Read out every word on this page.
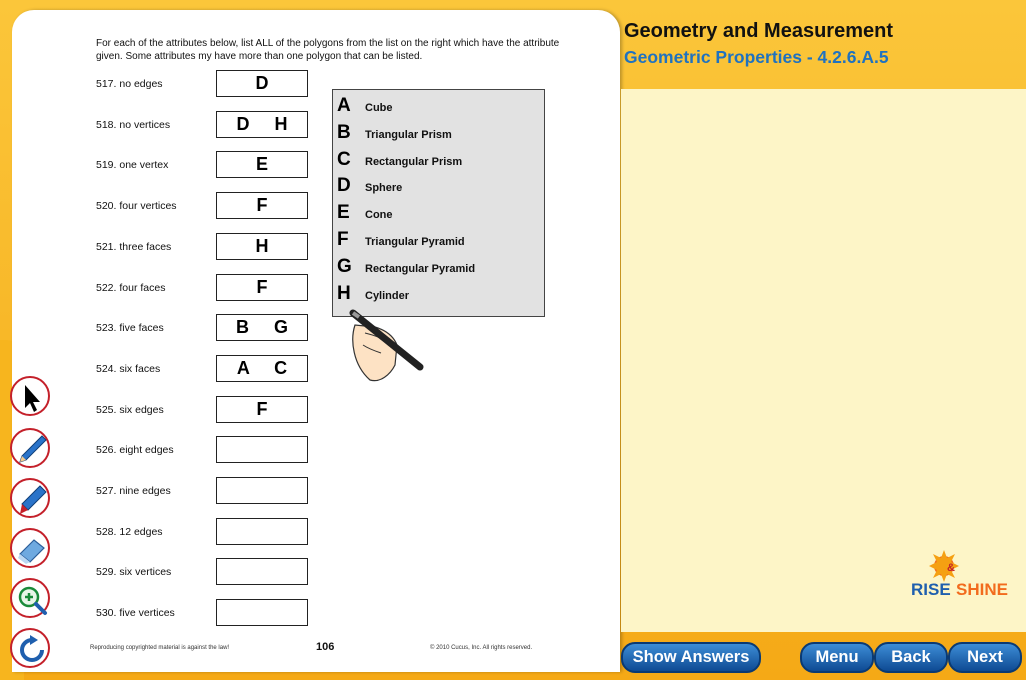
For each of the attributes below, list ALL of the polygons from the list on the right which have the attribute given. Some attributes my have more than one polygon that can be listed.
517. no edges	D
518. no vertices	D H
519. one vertex	E
520. four vertices	F
521. three faces	H
522. four faces	F
523. five faces	B G
524. six faces	A C
525. six edges	F
526. eight edges
527. nine edges
528. 12 edges
529. six vertices
530. five vertices
A Cube
B Triangular Prism
C Rectangular Prism
D Sphere
E Cone
F Triangular Pyramid
G Rectangular Pyramid
H Cylinder
Reproducing copyrighted material is against the law!	106	© 2010 Cucus, Inc. All rights reserved.
Geometry and Measurement
Geometric Properties - 4.2.6.A.5
RISE
&
SHINE
Show Answers	Menu	Back	Next
